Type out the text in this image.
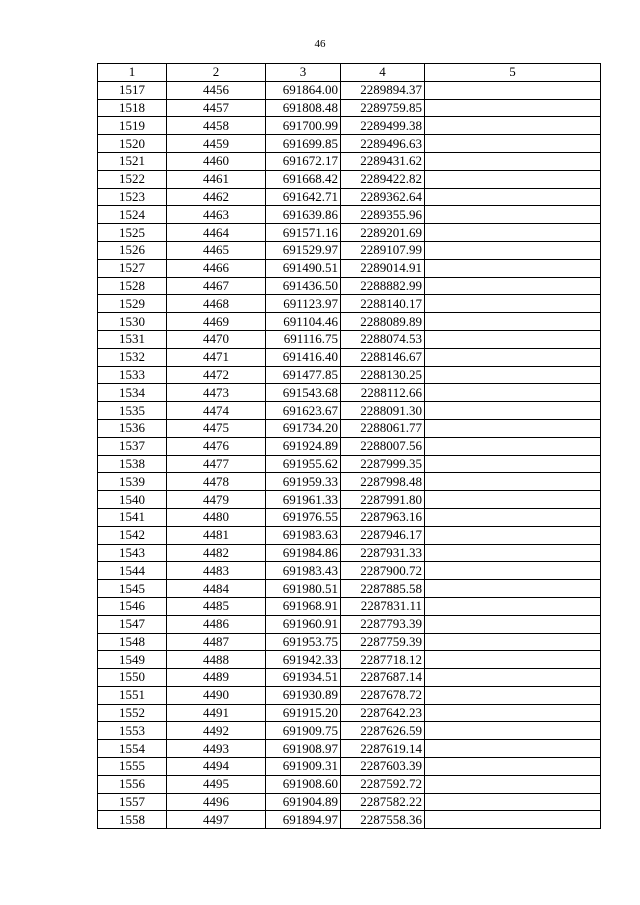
46
1	2	3	4	5
1517	4456	691864.00	2289894.37	
1518	4457	691808.48	2289759.85	
1519	4458	691700.99	2289499.38	
1520	4459	691699.85	2289496.63	
1521	4460	691672.17	2289431.62	
1522	4461	691668.42	2289422.82	
1523	4462	691642.71	2289362.64	
1524	4463	691639.86	2289355.96	
1525	4464	691571.16	2289201.69	
1526	4465	691529.97	2289107.99	
1527	4466	691490.51	2289014.91	
1528	4467	691436.50	2288882.99	
1529	4468	691123.97	2288140.17	
1530	4469	691104.46	2288089.89	
1531	4470	691116.75	2288074.53	
1532	4471	691416.40	2288146.67	
1533	4472	691477.85	2288130.25	
1534	4473	691543.68	2288112.66	
1535	4474	691623.67	2288091.30	
1536	4475	691734.20	2288061.77	
1537	4476	691924.89	2288007.56	
1538	4477	691955.62	2287999.35	
1539	4478	691959.33	2287998.48	
1540	4479	691961.33	2287991.80	
1541	4480	691976.55	2287963.16	
1542	4481	691983.63	2287946.17	
1543	4482	691984.86	2287931.33	
1544	4483	691983.43	2287900.72	
1545	4484	691980.51	2287885.58	
1546	4485	691968.91	2287831.11	
1547	4486	691960.91	2287793.39	
1548	4487	691953.75	2287759.39	
1549	4488	691942.33	2287718.12	
1550	4489	691934.51	2287687.14	
1551	4490	691930.89	2287678.72	
1552	4491	691915.20	2287642.23	
1553	4492	691909.75	2287626.59	
1554	4493	691908.97	2287619.14	
1555	4494	691909.31	2287603.39	
1556	4495	691908.60	2287592.72	
1557	4496	691904.89	2287582.22	
1558	4497	691894.97	2287558.36	
